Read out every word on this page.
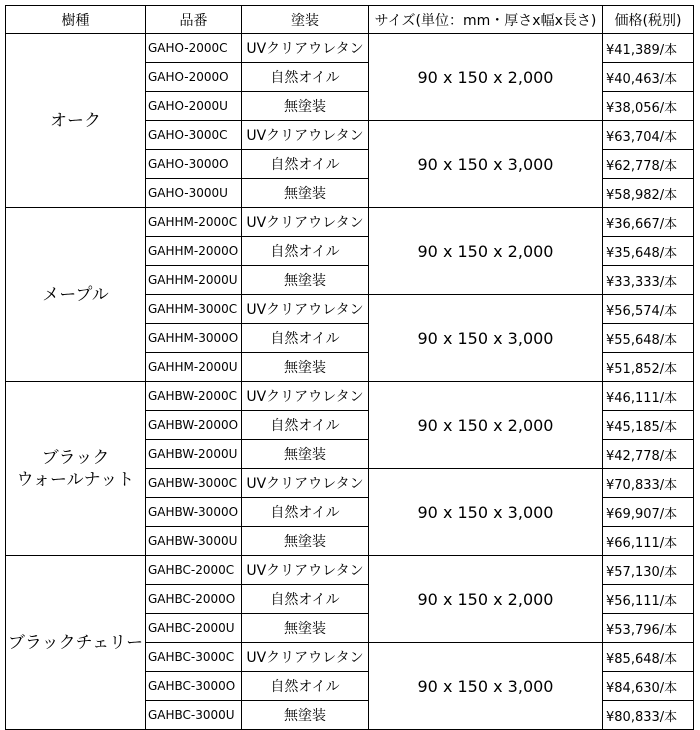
樹種	品番	塗装	サイズ(単位：mm・厚さx幅x長さ)	価格(税別)

オーク	GAHO-2000C	UVクリアウレタン	90 x 150 x 2,000	¥41,389/本
	GAHO-2000O	自然オイル		¥40,463/本
	GAHO-2000U	無塗装		¥38,056/本
	GAHO-3000C	UVクリアウレタン	90 x 150 x 3,000	¥63,704/本
	GAHO-3000O	自然オイル		¥62,778/本
	GAHO-3000U	無塗装		¥58,982/本

メープル	GAHHM-2000C	UVクリアウレタン	90 x 150 x 2,000	¥36,667/本
	GAHHM-2000O	自然オイル		¥35,648/本
	GAHHM-2000U	無塗装		¥33,333/本
	GAHHM-3000C	UVクリアウレタン	90 x 150 x 3,000	¥56,574/本
	GAHHM-3000O	自然オイル		¥55,648/本
	GAHHM-2000U	無塗装		¥51,852/本

ブラック
ウォールナット	GAHBW-2000C	UVクリアウレタン	90 x 150 x 2,000	¥46,111/本
	GAHBW-2000O	自然オイル		¥45,185/本
	GAHBW-2000U	無塗装		¥42,778/本
	GAHBW-3000C	UVクリアウレタン	90 x 150 x 3,000	¥70,833/本
	GAHBW-3000O	自然オイル		¥69,907/本
	GAHBW-3000U	無塗装		¥66,111/本

ブラックチェリー	GAHBC-2000C	UVクリアウレタン	90 x 150 x 2,000	¥57,130/本
	GAHBC-2000O	自然オイル		¥56,111/本
	GAHBC-2000U	無塗装		¥53,796/本
	GAHBC-3000C	UVクリアウレタン	90 x 150 x 3,000	¥85,648/本
	GAHBC-3000O	自然オイル		¥84,630/本
	GAHBC-3000U	無塗装		¥80,833/本
